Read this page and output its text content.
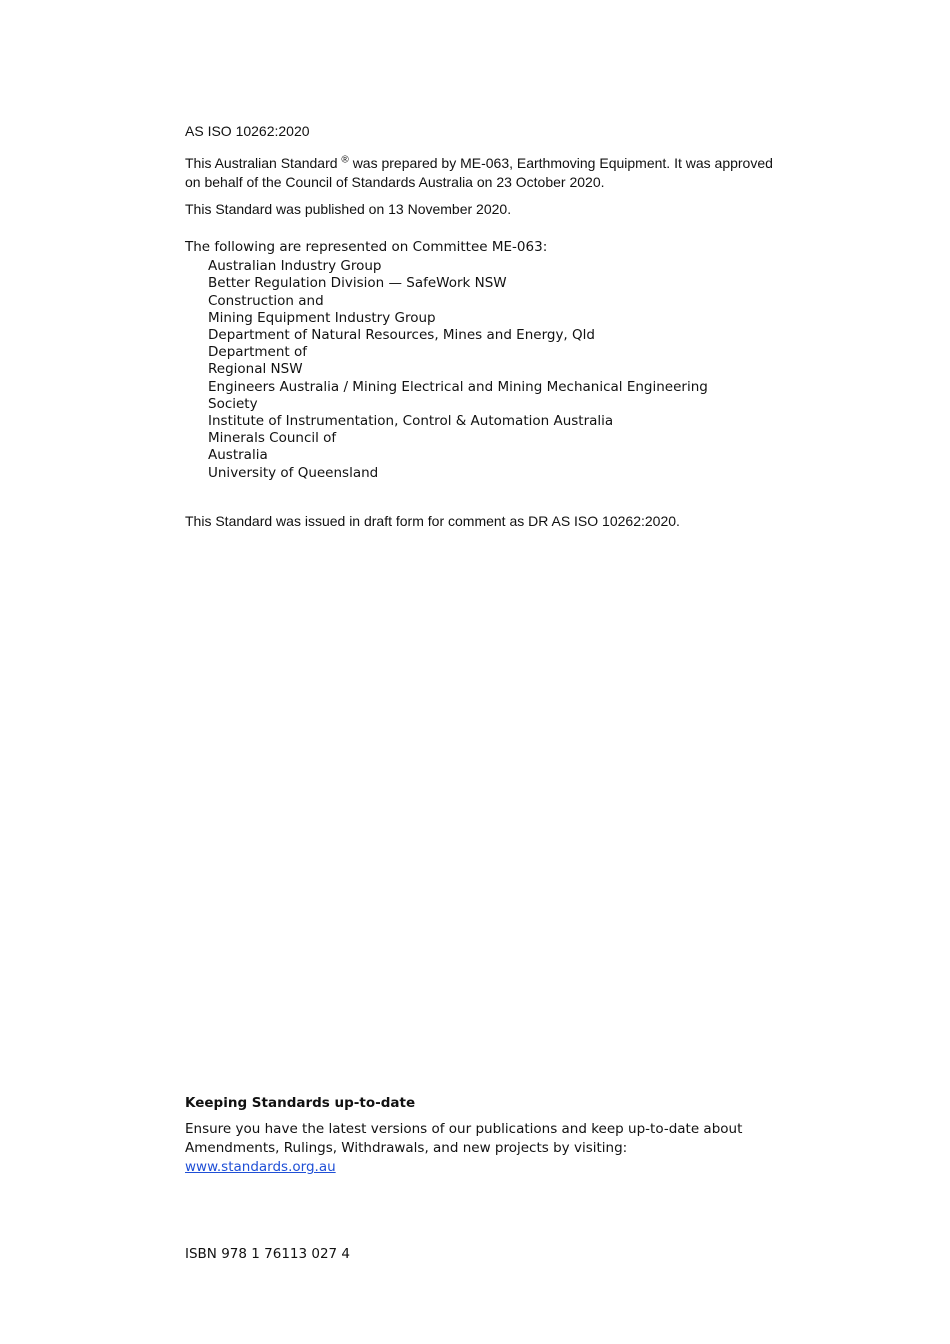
AS ISO 10262:2020
This Australian Standard ® was prepared by ME-063, Earthmoving Equipment. It was approved on behalf of the Council of Standards Australia on 23 October 2020.
This Standard was published on 13 November 2020.
The following are represented on Committee ME-063:
Australian Industry Group
Better Regulation Division — SafeWork NSW
Construction and
Mining Equipment Industry Group
Department of Natural Resources, Mines and Energy, Qld
Department of
Regional NSW
Engineers Australia / Mining Electrical and Mining Mechanical Engineering
Society
Institute of Instrumentation, Control & Automation Australia
Minerals Council of
Australia
University of Queensland
This Standard was issued in draft form for comment as DR AS ISO 10262:2020.
Keeping Standards up-to-date

Ensure you have the latest versions of our publications and keep up-to-date about Amendments, Rulings, Withdrawals, and new projects by visiting:
www.standards.org.au

ISBN 978 1 76113 027 4
